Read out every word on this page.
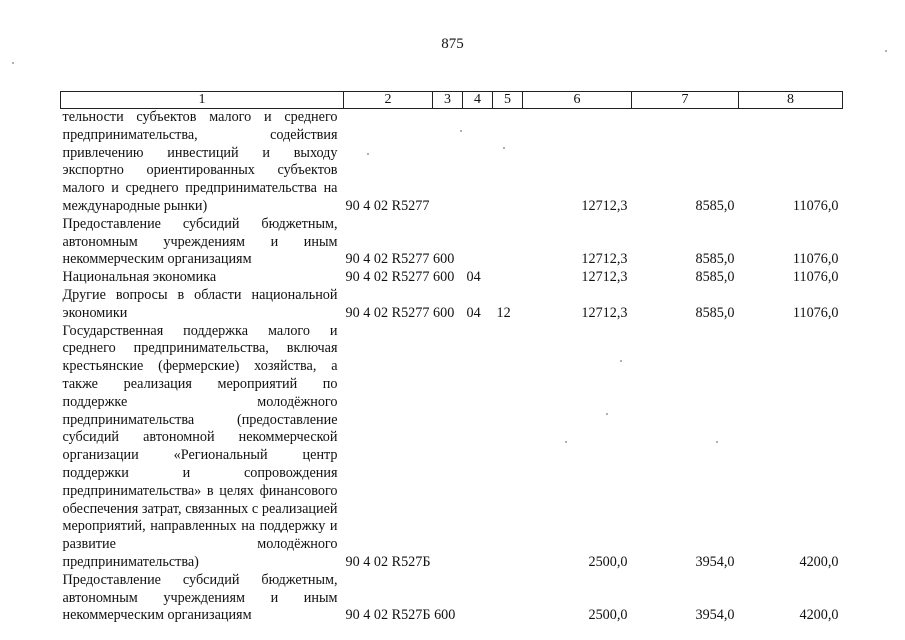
875
1	2	3	4	5	6	7	8
тельности субъектов малого и среднего предпринимательства, содействия привлечению инвестиций и выходу экспортно ориентированных субъектов малого и среднего предпринимательства на международные рынки)	90 4 02 R5277				12712,3	8585,0	11076,0
Предоставление субсидий бюджетным, автономным учреждениям и иным некоммерческим организациям	90 4 02 R5277 600				12712,3	8585,0	11076,0
Национальная экономика	90 4 02 R5277 600		04		12712,3	8585,0	11076,0
Другие вопросы в области национальной экономики	90 4 02 R5277 600		04	12	12712,3	8585,0	11076,0
Государственная поддержка малого и среднего предпринимательства, включая крестьянские (фермерские) хозяйства, а также реализация мероприятий по поддержке молодёжного предпринимательства (предоставление субсидий автономной некоммерческой организации «Региональный центр поддержки и сопровождения предпринимательства» в целях финансового обеспечения затрат, связанных с реализацией мероприятий, направленных на поддержку и развитие молодёжного предпринимательства)	90 4 02 R527Б				2500,0	3954,0	4200,0
Предоставление субсидий бюджетным, автономным учреждениям и иным некоммерческим организациям	90 4 02 R527Б 600				2500,0	3954,0	4200,0
